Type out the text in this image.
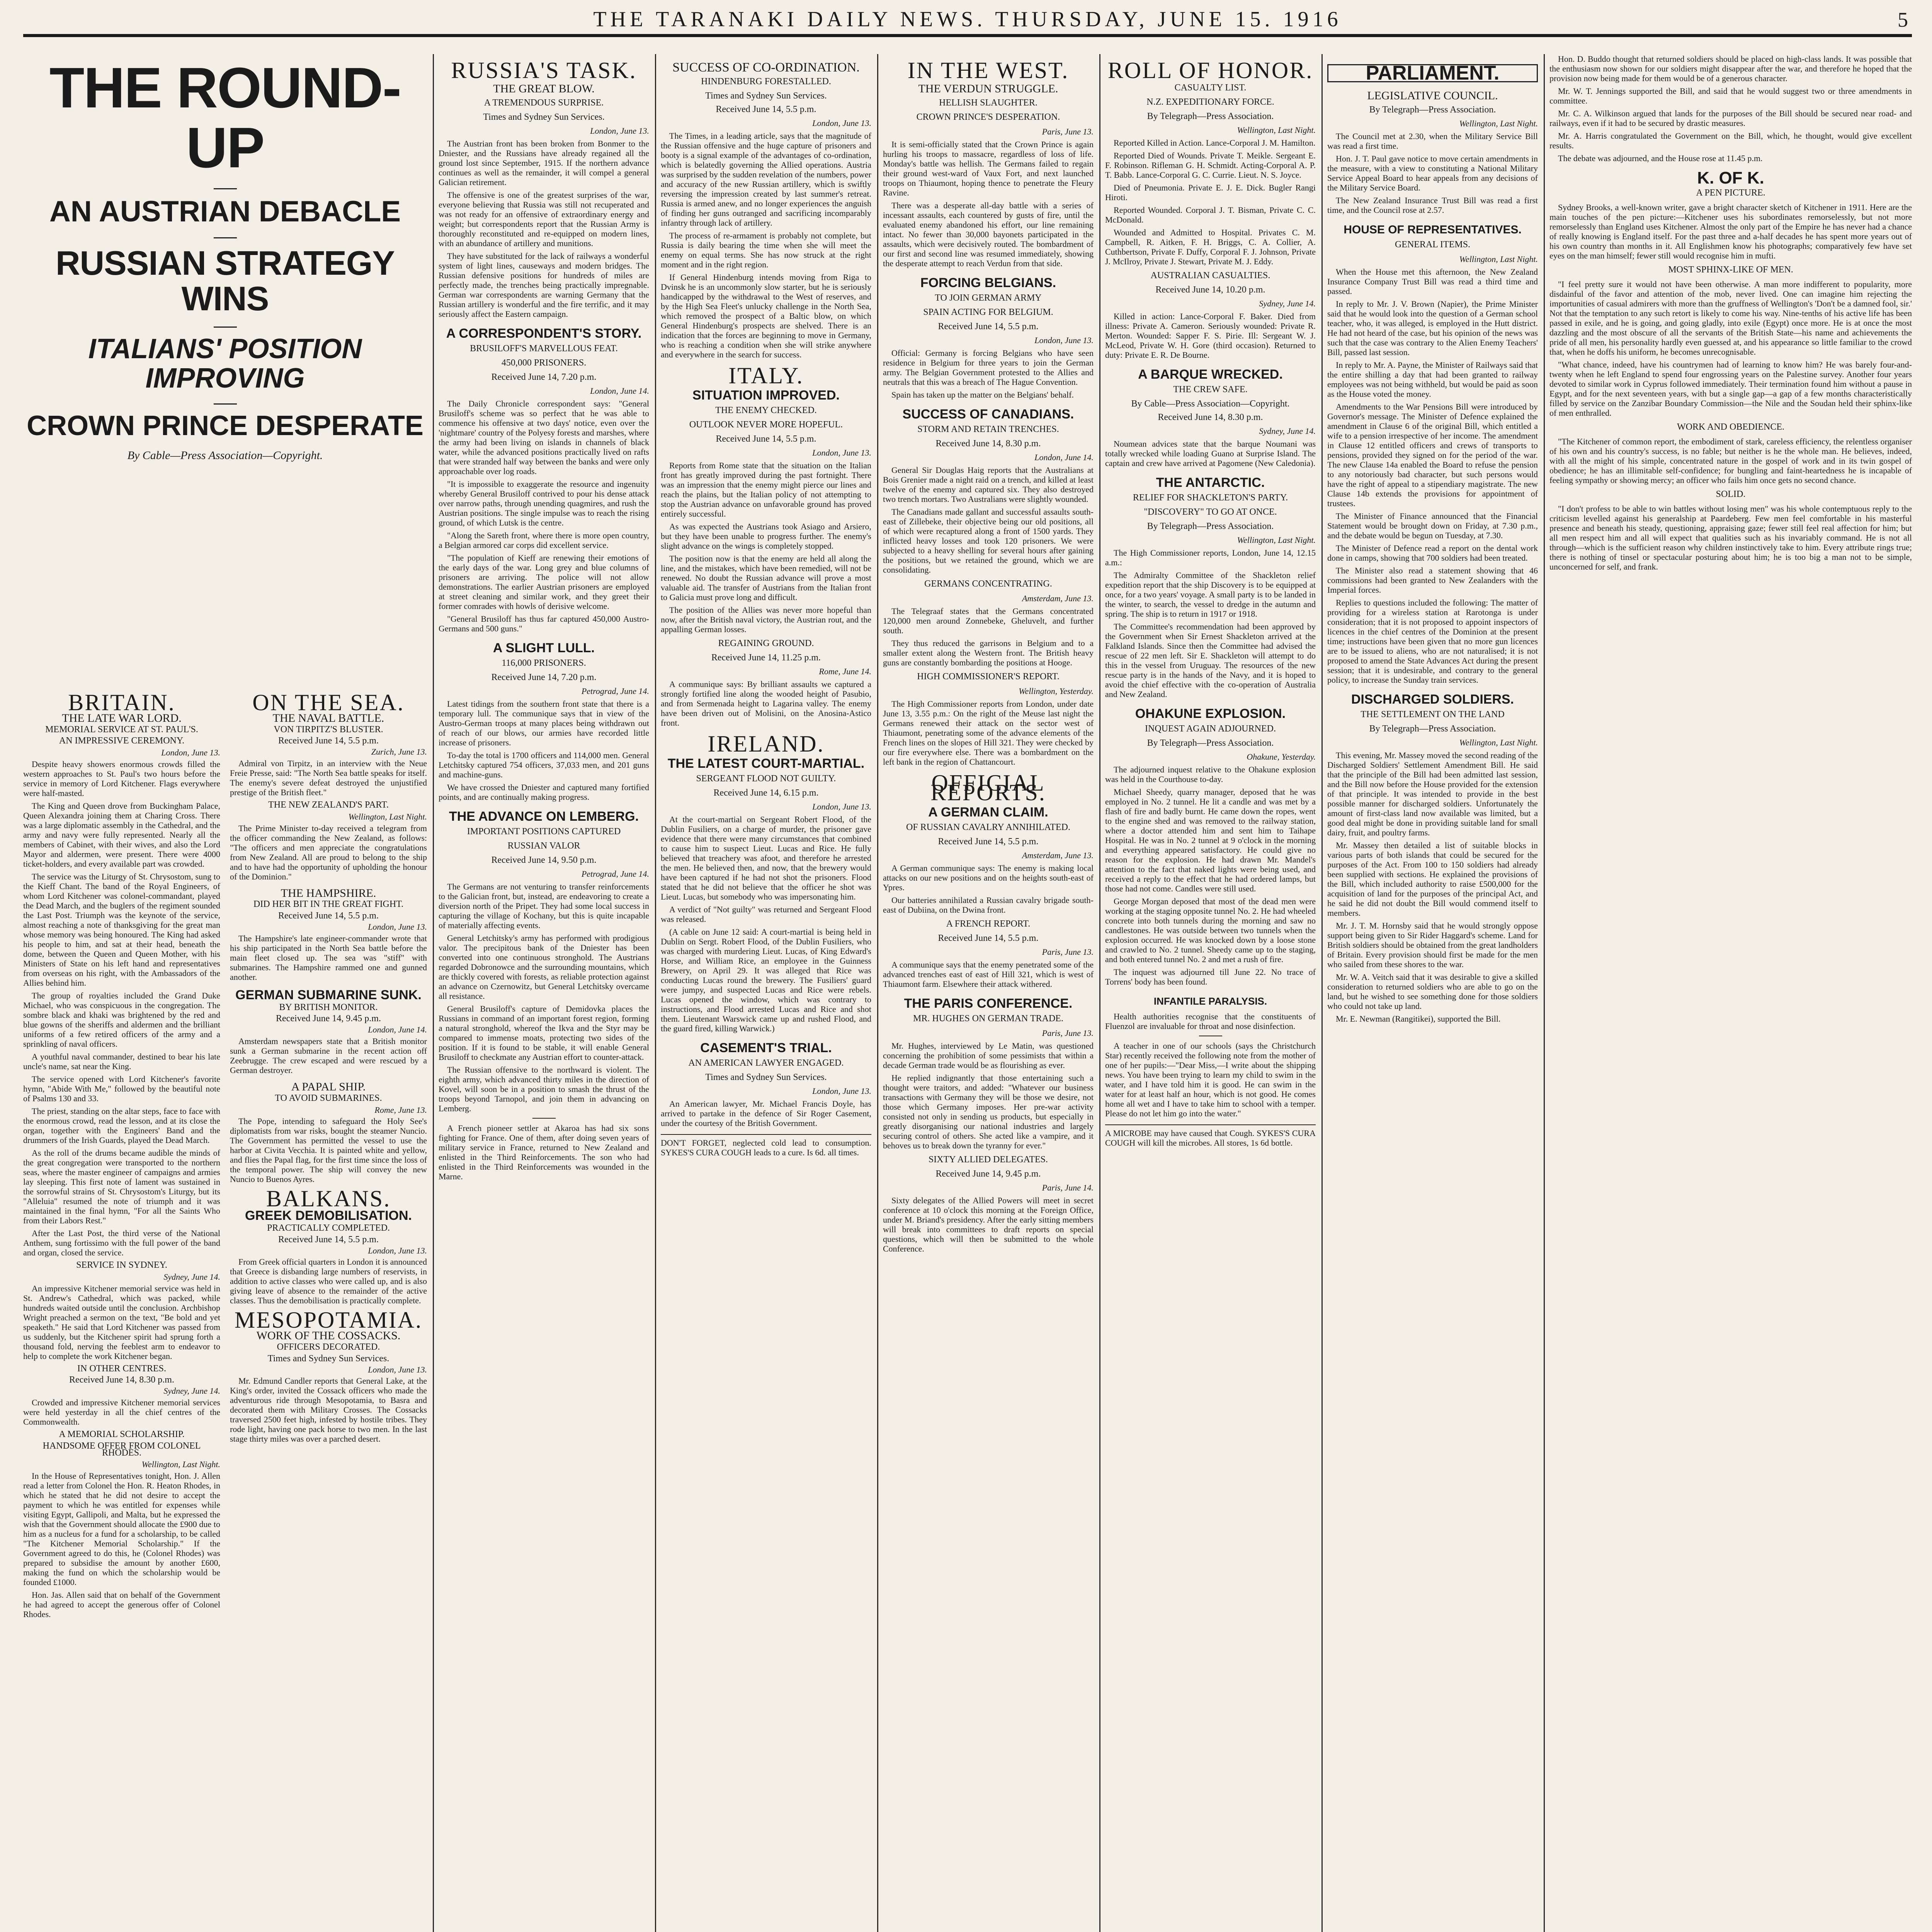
THE TARANAKI DAILY NEWS. THURSDAY, JUNE 15. 1916	5
THE ROUND-UP
AN AUSTRIAN DEBACLE
RUSSIAN STRATEGY WINS
ITALIANS' POSITION IMPROVING
CROWN PRINCE DESPERATE
By Cable—Press Association—Copyright.
BRITAIN.
THE LATE WAR LORD.
MEMORIAL SERVICE AT ST. PAUL'S.
AN IMPRESSIVE CEREMONY.
London, June 13.

Despite heavy showers enormous crowds filled the western approaches to St. Paul's two hours before the service in memory of Lord Kitchener. Flags everywhere were half-masted.

The King and Queen drove from Buckingham Palace, Queen Alexandra joining them at Charing Cross. There was a large diplomatic assembly in the Cathedral, and the army and navy were fully represented. Nearly all the members of Cabinet, with their wives, and also the Lord Mayor and aldermen, were present. There were 4000 ticket-holders, and every available part was crowded.

The service was the Liturgy of St. Chrysostom, sung to the Kieff Chant. The band of the Royal Engineers, of whom Lord Kitchener was colonel-commandant, played the Dead March, and the buglers of the regiment sounded the Last Post. Triumph was the keynote of the service, almost reaching a note of thanksgiving for the great man whose memory was being honoured. The King had asked his people to him, and sat at their head, beneath the dome, between the Queen and Queen Mother, with his Ministers of State on his left hand and representatives from overseas on his right, with the Ambassadors of the Allies behind him.

The group of royalties included the Grand Duke Michael, who was conspicuous in the congregation. The sombre black and khaki was brightened by the red and blue gowns of the sheriffs and aldermen and the brilliant uniforms of a few retired officers of the army and a sprinkling of naval officers.

A youthful naval commander, destined to bear his late uncle's name, sat near the King.

The service opened with Lord Kitchener's favorite hymn, "Abide With Me," followed by the beautiful note of Psalms 130 and 33.

The priest, standing on the altar steps, face to face with the enormous crowd, read the lesson, and at its close the organ, together with the Engineers' Band and the drummers of the Irish Guards, played the Dead March.

As the roll of the drums became audible the minds of the great congregation were transported to the northern seas, where the master engineer of campaigns and armies lay sleeping. This first note of lament was sustained in the sorrowful strains of St. Chrysostom's Liturgy, but its "Alleluia" resumed the note of triumph and it was maintained in the final hymn, "For all the Saints Who from their Labors Rest."

After the Last Post, the third verse of the National Anthem, sung fortissimo with the full power of the band and organ, closed the service.

SERVICE IN SYDNEY.
Sydney, June 14.

An impressive Kitchener memorial service was held in St. Andrew's Cathedral, which was packed, while hundreds waited outside until the conclusion. Archbishop Wright preached a sermon on the text, "Be bold and yet speaketh." He said that Lord Kitchener was passed from us suddenly, but the Kitchener spirit had sprung forth a thousand fold, nerving the feeblest arm to endeavor to help to complete the work Kitchener began.

IN OTHER CENTRES.
Received June 14, 8.30 p.m.
Sydney, June 14.

Crowded and impressive Kitchener memorial services were held yesterday in all the chief centres of the Commonwealth.

A MEMORIAL SCHOLARSHIP.
HANDSOME OFFER FROM COLONEL RHODES.
Wellington, Last Night.

In the House of Representatives tonight, Hon. J. Allen read a letter from Colonel the Hon. R. Heaton Rhodes, in which he stated that he did not desire to accept the payment to which he was entitled for expenses while visiting Egypt, Gallipoli, and Malta, but he expressed the wish that the Government should allocate the £900 due to him as a nucleus for a fund for a scholarship, to be called "The Kitchener Memorial Scholarship." If the Government agreed to do this, he (Colonel Rhodes) was prepared to subsidise the amount by another £600, making the fund on which the scholarship would be founded £1000.

Hon. Jas. Allen said that on behalf of the Government he had agreed to accept the generous offer of Colonel Rhodes.

ON THE SEA.
THE NAVAL BATTLE.
VON TIRPITZ'S BLUSTER.
Received June 14, 5.5 p.m.
Zurich, June 13.

Admiral von Tirpitz, in an interview with the Neue Freie Presse, said: "The North Sea battle speaks for itself. The enemy's severe defeat destroyed the unjustified prestige of the British fleet."

THE NEW ZEALAND'S PART.
Wellington, Last Night.

The Prime Minister to-day received a telegram from the officer commanding the New Zealand, as follows: "The officers and men appreciate the congratulations from New Zealand. All are proud to belong to the ship and to have had the opportunity of upholding the honour of the Dominion."

THE HAMPSHIRE.
DID HER BIT IN THE GREAT FIGHT.
Received June 14, 5.5 p.m.
London, June 13.

The Hampshire's late engineer-commander wrote that his ship participated in the North Sea battle before the main fleet closed up. The sea was "stiff" with submarines. The Hampshire rammed one and gunned another.

GERMAN SUBMARINE SUNK.
BY BRITISH MONITOR.
Received June 14, 9.45 p.m.
London, June 14.

Amsterdam newspapers state that a British monitor sunk a German submarine in the recent action off Zeebrugge. The crew escaped and were rescued by a German destroyer.

A PAPAL SHIP.
TO AVOID SUBMARINES.
Rome, June 13.

The Pope, intending to safeguard the Holy See's diplomatists from war risks, bought the steamer Nuncio. The Government has permitted the vessel to use the harbor at Civita Vecchia. It is painted white and yellow, and flies the Papal flag, for the first time since the loss of the temporal power. The ship will convey the new Nuncio to Buenos Ayres.

BALKANS.
GREEK DEMOBILISATION.
PRACTICALLY COMPLETED.
Received June 14, 5.5 p.m.
London, June 13.

From Greek official quarters in London it is announced that Greece is disbanding large numbers of reservists, in addition to active classes who were called up, and is also giving leave of absence to the remainder of the active classes. Thus the demobilisation is practically complete.

MESOPOTAMIA.
WORK OF THE COSSACKS.
OFFICERS DECORATED.
Times and Sydney Sun Services.
London, June 13.

Mr. Edmund Candler reports that General Lake, at the King's order, invited the Cossack officers who made the adventurous ride through Mesopotamia, to Basra and decorated them with Military Crosses. The Cossacks traversed 2500 feet high, infested by hostile tribes. They rode light, having one pack horse to two men. In the last stage thirty miles was over a parched desert.

RUSSIA'S TASK.
THE GREAT BLOW.
A TREMENDOUS SURPRISE.
Times and Sydney Sun Services.
London, June 13.

The Austrian front has been broken from Bonmer to the Dniester, and the Russians have already regained all the ground lost since September, 1915. If the northern advance continues as well as the remainder, it will compel a general Galician retirement.

The offensive is one of the greatest surprises of the war, everyone believing that Russia was still not recuperated and was not ready for an offensive of extraordinary energy and weight; but correspondents report that the Russian Army is thoroughly reconstituted and re-equipped on modern lines, with an abundance of artillery and munitions.

They have substituted for the lack of railways a wonderful system of light lines, causeways and modern bridges. The Russian defensive positions for hundreds of miles are perfectly made, the trenches being practically impregnable. German war correspondents are warning Germany that the Russian artillery is wonderful and the fire terrific, and it may seriously affect the Eastern campaign.

A CORRESPONDENT'S STORY.
BRUSILOFF'S MARVELLOUS FEAT.
450,000 PRISONERS.
Received June 14, 7.20 p.m.
London, June 14.

The Daily Chronicle correspondent says: "General Brusiloff's scheme was so perfect that he was able to commence his offensive at two days' notice, even over the 'nightmare' country of the Polyesy forests and marshes, where the army had been living on islands in channels of black water, while the advanced positions practically lived on rafts that were stranded half way between the banks and were only approachable over log roads.

"It is impossible to exaggerate the resource and ingenuity whereby General Brusiloff contrived to pour his dense attack over narrow paths, through unending quagmires, and rush the Austrian positions. The single impulse was to reach the rising ground, of which Lutsk is the centre.

"Along the Sareth front, where there is more open country, a Belgian armored car corps did excellent service.

"The population of Kieff are renewing their emotions of the early days of the war. Long grey and blue columns of prisoners are arriving. The police will not allow demonstrations. The earlier Austrian prisoners are employed at street cleaning and similar work, and they greet their former comrades with howls of derisive welcome.

"General Brusiloff has thus far captured 450,000 Austro-Germans and 500 guns."

A SLIGHT LULL.
116,000 PRISONERS.
Received June 14, 7.20 p.m.
Petrograd, June 14.

Latest tidings from the southern front state that there is a temporary lull. The communique says that in view of the Austro-German troops at many places being withdrawn out of reach of our blows, our armies have recorded little increase of prisoners.

To-day the total is 1700 officers and 114,000 men. General Letchitsky captured 754 officers, 37,033 men, and 201 guns and machine-guns.

We have crossed the Dniester and captured many fortified points, and are continually making progress.

THE ADVANCE ON LEMBERG.
IMPORTANT POSITIONS CAPTURED
RUSSIAN VALOR
Received June 14, 9.50 p.m.
Petrograd, June 14.

The Germans are not venturing to transfer reinforcements to the Galician front, but, instead, are endeavoring to create a diversion north of the Pripet. They had some local success in capturing the village of Kochany, but this is quite incapable of materially affecting events.

General Letchitsky's army has performed with prodigious valor. The precipitous bank of the Dniester has been converted into one continuous stronghold. The Austrians regarded Dobronowce and the surrounding mountains, which are thickly covered with forests, as reliable protection against an advance on Czernowitz, but General Letchitsky overcame all resistance.

General Brusiloff's capture of Demidovka places the Russians in command of an important forest region, forming a natural stronghold, whereof the Ikva and the Styr may be compared to immense moats, protecting two sides of the position. If it is found to be stable, it will enable General Brusiloff to checkmate any Austrian effort to counter-attack.

The Russian offensive to the northward is violent. The eighth army, which advanced thirty miles in the direction of Kovel, will soon be in a position to smash the thrust of the troops beyond Tarnopol, and join them in advancing on Lemberg.

A French pioneer settler at Akaroa has had six sons fighting for France. One of them, after doing seven years of military service in France, returned to New Zealand and enlisted in the Third Reinforcements. The son who had enlisted in the Third Reinforcements was wounded in the Marne.

SUCCESS OF CO-ORDINATION.
HINDENBURG FORESTALLED.
Times and Sydney Sun Services.
Received June 14, 5.5 p.m.
London, June 13.

The Times, in a leading article, says that the magnitude of the Russian offensive and the huge capture of prisoners and booty is a signal example of the advantages of co-ordination, which is belatedly governing the Allied operations. Austria was surprised by the sudden revelation of the numbers, power and accuracy of the new Russian artillery, which is swiftly reversing the impression created by last summer's retreat. Russia is armed anew, and no longer experiences the anguish of finding her guns outranged and sacrificing incomparably infantry through lack of artillery.

The process of re-armament is probably not complete, but Russia is daily bearing the time when she will meet the enemy on equal terms. She has now struck at the right moment and in the right region.

If General Hindenburg intends moving from Riga to Dvinsk he is an uncommonly slow starter, but he is seriously handicapped by the withdrawal to the West of reserves, and by the High Sea Fleet's unlucky challenge in the North Sea, which removed the prospect of a Baltic blow, on which General Hindenburg's prospects are shelved. There is an indication that the forces are beginning to move in Germany, who is reaching a condition when she will strike anywhere and everywhere in the search for success.

ITALY.
SITUATION IMPROVED.
THE ENEMY CHECKED.
OUTLOOK NEVER MORE HOPEFUL.
Received June 14, 5.5 p.m.
London, June 13.

Reports from Rome state that the situation on the Italian front has greatly improved during the past fortnight. There was an impression that the enemy might pierce our lines and reach the plains, but the Italian policy of not attempting to stop the Austrian advance on unfavorable ground has proved entirely successful.

As was expected the Austrians took Asiago and Arsiero, but they have been unable to progress further. The enemy's slight advance on the wings is completely stopped.

The position now is that the enemy are held all along the line, and the mistakes, which have been remedied, will not be renewed. No doubt the Russian advance will prove a most valuable aid. The transfer of Austrians from the Italian front to Galicia must prove long and difficult.

The position of the Allies was never more hopeful than now, after the British naval victory, the Austrian rout, and the appalling German losses.

REGAINING GROUND.
Received June 14, 11.25 p.m.
Rome, June 14.

A communique says: By brilliant assaults we captured a strongly fortified line along the wooded height of Pasubio, and from Sermenada height to Lagarina valley. The enemy have been driven out of Molisini, on the Anosina-Astico front.

IRELAND.
THE LATEST COURT-MARTIAL.
SERGEANT FLOOD NOT GUILTY.
Received June 14, 6.15 p.m.
London, June 13.

At the court-martial on Sergeant Robert Flood, of the Dublin Fusiliers, on a charge of murder, the prisoner gave evidence that there were many circumstances that combined to cause him to suspect Lieut. Lucas and Rice. He fully believed that treachery was afoot, and therefore he arrested the men. He believed then, and now, that the brewery would have been captured if he had not shot the prisoners. Flood stated that he did not believe that the officer he shot was Lieut. Lucas, but somebody who was impersonating him.

A verdict of "Not guilty" was returned and Sergeant Flood was released.

(A cable on June 12 said: A court-martial is being held in Dublin on Sergt. Robert Flood, of the Dublin Fusiliers, who was charged with murdering Lieut. Lucas, of King Edward's Horse, and William Rice, an employee in the Guinness Brewery, on April 29. It was alleged that Rice was conducting Lucas round the brewery. The Fusiliers' guard were jumpy, and suspected Lucas and Rice were rebels. Lucas opened the window, which was contrary to instructions, and Flood arrested Lucas and Rice and shot them. Lieutenant Warswick came up and rushed Flood, and the guard fired, killing Warwick.)

CASEMENT'S TRIAL.
AN AMERICAN LAWYER ENGAGED.
Times and Sydney Sun Services.
London, June 13.

An American lawyer, Mr. Michael Francis Doyle, has arrived to partake in the defence of Sir Roger Casement, under the courtesy of the British Government.

DON'T FORGET, neglected cold lead to consumption. SYKES'S CURA COUGH leads to a cure. Is 6d. all times.
IN THE WEST.
THE VERDUN STRUGGLE.
HELLISH SLAUGHTER.
CROWN PRINCE'S DESPERATION.
Paris, June 13.

It is semi-officially stated that the Crown Prince is again hurling his troops to massacre, regardless of loss of life. Monday's battle was hellish. The Germans failed to regain their ground west-ward of Vaux Fort, and next launched troops on Thiaumont, hoping thence to penetrate the Fleury Ravine.

There was a desperate all-day battle with a series of incessant assaults, each countered by gusts of fire, until the evaluated enemy abandoned his effort, our line remaining intact. No fewer than 30,000 bayonets participated in the assaults, which were decisively routed. The bombardment of our first and second line was resumed immediately, showing the desperate attempt to reach Verdun from that side.

FORCING BELGIANS.
TO JOIN GERMAN ARMY
SPAIN ACTING FOR BELGIUM.
Received June 14, 5.5 p.m.
London, June 13.

Official: Germany is forcing Belgians who have seen residence in Belgium for three years to join the German army. The Belgian Government protested to the Allies and neutrals that this was a breach of The Hague Convention.

Spain has taken up the matter on the Belgians' behalf.

SUCCESS OF CANADIANS.
STORM AND RETAIN TRENCHES.
Received June 14, 8.30 p.m.
London, June 14.

General Sir Douglas Haig reports that the Australians at Bois Grenier made a night raid on a trench, and killed at least twelve of the enemy and captured six. They also destroyed two trench mortars. Two Australians were slightly wounded.

The Canadians made gallant and successful assaults south-east of Zillebeke, their objective being our old positions, all of which were recaptured along a front of 1500 yards. They inflicted heavy losses and took 120 prisoners. We were subjected to a heavy shelling for several hours after gaining the positions, but we retained the ground, which we are consolidating.

GERMANS CONCENTRATING.
Amsterdam, June 13.

The Telegraaf states that the Germans concentrated 120,000 men around Zonnebeke, Gheluvelt, and further south.

They thus reduced the garrisons in Belgium and to a smaller extent along the Western front. The British heavy guns are constantly bombarding the positions at Hooge.

HIGH COMMISSIONER'S REPORT.
Wellington, Yesterday.

The High Commissioner reports from London, under date June 13, 3.55 p.m.: On the right of the Meuse last night the Germans renewed their attack on the sector west of Thiaumont, penetrating some of the advance elements of the French lines on the slopes of Hill 321. They were checked by our fire everywhere else. There was a bombardment on the left bank in the region of Chattancourt.

OFFICIAL REPORTS.
A GERMAN CLAIM.
OF RUSSIAN CAVALRY ANNIHILATED.
Received June 14, 5.5 p.m.
Amsterdam, June 13.

A German communique says: The enemy is making local attacks on our new positions and on the heights south-east of Ypres.

Our batteries annihilated a Russian cavalry brigade south-east of Dubiina, on the Dwina front.

A FRENCH REPORT.
Received June 14, 5.5 p.m.
Paris, June 13.

A communique says that the enemy penetrated some of the advanced trenches east of east of Hill 321, which is west of Thiaumont farm. Elsewhere their attack withered.

THE PARIS CONFERENCE.
MR. HUGHES ON GERMAN TRADE.
Paris, June 13.

Mr. Hughes, interviewed by Le Matin, was questioned concerning the prohibition of some pessimists that within a decade German trade would be as flourishing as ever.

He replied indignantly that those entertaining such a thought were traitors, and added: "Whatever our business transactions with Germany they will be those we desire, not those which Germany imposes. Her pre-war activity consisted not only in sending us products, but especially in greatly disorganising our national industries and largely securing control of others. She acted like a vampire, and it behoves us to break down the tyranny for ever."

SIXTY ALLIED DELEGATES.
Received June 14, 9.45 p.m.
Paris, June 14.

Sixty delegates of the Allied Powers will meet in secret conference at 10 o'clock this morning at the Foreign Office, under M. Briand's presidency. After the early sitting members will break into committees to draft reports on special questions, which will then be submitted to the whole Conference.

ROLL OF HONOR.
CASUALTY LIST.
N.Z. EXPEDITIONARY FORCE.
By Telegraph—Press Association.
Wellington, Last Night.

Reported Killed in Action. Lance-Corporal J. M. Hamilton.

Reported Died of Wounds. Private T. Meikle. Sergeant E. F. Robinson. Rifleman G. H. Schmidt. Acting-Corporal A. P. T. Babb. Lance-Corporal G. C. Currie. Lieut. N. S. Joyce.

Died of Pneumonia. Private E. J. E. Dick. Bugler Rangi Hiroti.

Reported Wounded. Corporal J. T. Bisman, Private C. C. McDonald.

Wounded and Admitted to Hospital. Privates C. M. Campbell, R. Aitken, F. H. Briggs, C. A. Collier, A. Cuthbertson, Private F. Duffy, Corporal F. J. Johnson, Private J. McIlroy, Private J. Stewart, Private M. J. Eddy.

AUSTRALIAN CASUALTIES.
Received June 14, 10.20 p.m.
Sydney, June 14.

Killed in action: Lance-Corporal F. Baker. Died from illness: Private A. Cameron. Seriously wounded: Private R. Merton. Wounded: Sapper F. S. Pirie. Ill: Sergeant W. J. McLeod, Private W. H. Gore (third occasion). Returned to duty: Private E. R. De Bourne.

A BARQUE WRECKED.
THE CREW SAFE.
By Cable—Press Association—Copyright.
Received June 14, 8.30 p.m.
Sydney, June 14.

Noumean advices state that the barque Noumani was totally wrecked while loading Guano at Surprise Island. The captain and crew have arrived at Pagomene (New Caledonia).

THE ANTARCTIC.
RELIEF FOR SHACKLETON'S PARTY.
"DISCOVERY" TO GO AT ONCE.
By Telegraph—Press Association.
Wellington, Last Night.

The High Commissioner reports, London, June 14, 12.15 a.m.:

The Admiralty Committee of the Shackleton relief expedition report that the ship Discovery is to be equipped at once, for a two years' voyage. A small party is to be landed in the winter, to search, the vessel to dredge in the autumn and spring. The ship is to return in 1917 or 1918.

The Committee's recommendation had been approved by the Government when Sir Ernest Shackleton arrived at the Falkland Islands. Since then the Committee had advised the rescue of 22 men left. Sir E. Shackleton will attempt to do this in the vessel from Uruguay. The resources of the new rescue party is in the hands of the Navy, and it is hoped to avoid the chief effective with the co-operation of Australia and New Zealand.

OHAKUNE EXPLOSION.
INQUEST AGAIN ADJOURNED.
By Telegraph—Press Association.
Ohakune, Yesterday.

The adjourned inquest relative to the Ohakune explosion was held in the Courthouse to-day.

Michael Sheedy, quarry manager, deposed that he was employed in No. 2 tunnel. He lit a candle and was met by a flash of fire and badly burnt. He came down the ropes, went to the engine shed and was removed to the railway station, where a doctor attended him and sent him to Taihape Hospital. He was in No. 2 tunnel at 9 o'clock in the morning and everything appeared satisfactory. He could give no reason for the explosion. He had drawn Mr. Mandel's attention to the fact that naked lights were being used, and received a reply to the effect that he had ordered lamps, but those had not come. Candles were still used.

George Morgan deposed that most of the dead men were working at the staging opposite tunnel No. 2. He had wheeled concrete into both tunnels during the morning and saw no candlestones. He was outside between two tunnels when the explosion occurred. He was knocked down by a loose stone and crawled to No. 2 tunnel. Sheedy came up to the staging, and both entered tunnel No. 2 and met a rush of fire.

The inquest was adjourned till June 22. No trace of Torrens' body has been found.

INFANTILE PARALYSIS.

Health authorities recognise that the constituents of Fluenzol are invaluable for throat and nose disinfection.

A teacher in one of our schools (says the Christchurch Star) recently received the following note from the mother of one of her pupils:—"Dear Miss,—I write about the shipping news. You have been trying to learn my child to swim in the water, and I have told him it is good. He can swim in the water for at least half an hour, which is not good. He comes home all wet and I have to take him to school with a temper. Please do not let him go into the water."

A MICROBE may have caused that Cough. SYKES'S CURA COUGH will kill the microbes. All stores, 1s 6d bottle.
PARLIAMENT.
LEGISLATIVE COUNCIL.
By Telegraph—Press Association.
Wellington, Last Night.

The Council met at 2.30, when the Military Service Bill was read a first time.

Hon. J. T. Paul gave notice to move certain amendments in the measure, with a view to constituting a National Military Service Appeal Board to hear appeals from any decisions of the Military Service Board.

The New Zealand Insurance Trust Bill was read a first time, and the Council rose at 2.57.

HOUSE OF REPRESENTATIVES.
GENERAL ITEMS.
Wellington, Last Night.

When the House met this afternoon, the New Zealand Insurance Company Trust Bill was read a third time and passed.

In reply to Mr. J. V. Brown (Napier), the Prime Minister said that he would look into the question of a German school teacher, who, it was alleged, is employed in the Hutt district. He had not heard of the case, but his opinion of the news was such that the case was contrary to the Alien Enemy Teachers' Bill, passed last session.

In reply to Mr. A. Payne, the Minister of Railways said that the entire shilling a day that had been granted to railway employees was not being withheld, but would be paid as soon as the House voted the money.

Amendments to the War Pensions Bill were introduced by Governor's message. The Minister of Defence explained the amendment in Clause 6 of the original Bill, which entitled a wife to a pension irrespective of her income. The amendment in Clause 12 entitled officers and crews of transports to pensions, provided they signed on for the period of the war. The new Clause 14a enabled the Board to refuse the pension to any notoriously bad character, but such persons would have the right of appeal to a stipendiary magistrate. The new Clause 14b extends the provisions for appointment of trustees.

The Minister of Finance announced that the Financial Statement would be brought down on Friday, at 7.30 p.m., and the debate would be begun on Tuesday, at 7.30.

The Minister of Defence read a report on the dental work done in camps, showing that 700 soldiers had been treated.

The Minister also read a statement showing that 46 commissions had been granted to New Zealanders with the Imperial forces.

Replies to questions included the following: The matter of providing for a wireless station at Rarotonga is under consideration; that it is not proposed to appoint inspectors of licences in the chief centres of the Dominion at the present time; instructions have been given that no more gun licences are to be issued to aliens, who are not naturalised; it is not proposed to amend the State Advances Act during the present session; that it is undesirable, and contrary to the general policy, to increase the Sunday train services.

DISCHARGED SOLDIERS.
THE SETTLEMENT ON THE LAND
By Telegraph—Press Association.
Wellington, Last Night.

This evening, Mr. Massey moved the second reading of the Discharged Soldiers' Settlement Amendment Bill. He said that the principle of the Bill had been admitted last session, and the Bill now before the House provided for the extension of that principle. It was intended to provide in the best possible manner for discharged soldiers. Unfortunately the amount of first-class land now available was limited, but a good deal might be done in providing suitable land for small dairy, fruit, and poultry farms.

Mr. Massey then detailed a list of suitable blocks in various parts of both islands that could be secured for the purposes of the Act. From 100 to 150 soldiers had already been supplied with sections. He explained the provisions of the Bill, which included authority to raise £500,000 for the acquisition of land for the purposes of the principal Act, and he said he did not doubt the Bill would commend itself to members.

Mr. J. T. M. Hornsby said that he would strongly oppose support being given to Sir Rider Haggard's scheme. Land for British soldiers should be obtained from the great landholders of Britain. Every provision should first be made for the men who sailed from these shores to the war.

Mr. W. A. Veitch said that it was desirable to give a skilled consideration to returned soldiers who are able to go on the land, but he wished to see something done for those soldiers who could not take up land.

Mr. E. Newman (Rangitikei), supported the Bill.

Hon. D. Buddo thought that returned soldiers should be placed on high-class lands. It was possible that the enthusiasm now shown for our soldiers might disappear after the war, and therefore he hoped that the provision now being made for them would be of a generous character.

Mr. W. T. Jennings supported the Bill, and said that he would suggest two or three amendments in committee.

Mr. C. A. Wilkinson argued that lands for the purposes of the Bill should be secured near road- and railways, even if it had to be secured by drastic measures.

Mr. A. Harris congratulated the Government on the Bill, which, he thought, would give excellent results.

The debate was adjourned, and the House rose at 11.45 p.m.

K. OF K.
A PEN PICTURE.

Sydney Brooks, a well-known writer, gave a bright character sketch of Kitchener in 1911. Here are the main touches of the pen picture:—Kitchener uses his subordinates remorselessly, but not more remorselessly than England uses Kitchener. Almost the only part of the Empire he has never had a chance of really knowing is England itself. For the past three and a-half decades he has spent more years out of his own country than months in it. All Englishmen know his photographs; comparatively few have set eyes on the man himself; fewer still would recognise him in mufti.

MOST SPHINX-LIKE OF MEN.

"I feel pretty sure it would not have been otherwise. A man more indifferent to popularity, more disdainful of the favor and attention of the mob, never lived. One can imagine him rejecting the importunities of casual admirers with more than the gruffness of Wellington's 'Don't be a damned fool, sir.' Not that the temptation to any such retort is likely to come his way. Nine-tenths of his active life has been passed in exile, and he is going, and going gladly, into exile (Egypt) once more. He is at once the most dazzling and the most obscure of all the servants of the British State—his name and achievements the pride of all men, his personality hardly even guessed at, and his appearance so little familiar to the crowd that, when he doffs his uniform, he becomes unrecognisable.

"What chance, indeed, have his countrymen had of learning to know him? He was barely four-and-twenty when he left England to spend four engrossing years on the Palestine survey. Another four years devoted to similar work in Cyprus followed immediately. Their termination found him without a pause in Egypt, and for the next seventeen years, with but a single gap—a gap of a few months characteristically filled by service on the Zanzibar Boundary Commission—the Nile and the Soudan held their sphinx-like of men enthralled.

WORK AND OBEDIENCE.

"The Kitchener of common report, the embodiment of stark, careless efficiency, the relentless organiser of his own and his country's success, is no fable; but neither is he the whole man. He believes, indeed, with all the might of his simple, concentrated nature in the gospel of work and in its twin gospel of obedience; he has an illimitable self-confidence; for bungling and faint-heartedness he is incapable of feeling sympathy or showing mercy; an officer who fails him once gets no second chance.

SOLID.

"I don't profess to be able to win battles without losing men" was his whole contemptuous reply to the criticism levelled against his generalship at Paardeberg. Few men feel comfortable in his masterful presence and beneath his steady, questioning, appraising gaze; fewer still feel real affection for him; but all men respect him and all will expect that qualities such as his invariably command. He is not all through—which is the sufficient reason why children instinctively take to him. Every attribute rings true; there is nothing of tinsel or spectacular posturing about him; he is too big a man not to be simple, unconcerned for self, and frank.
